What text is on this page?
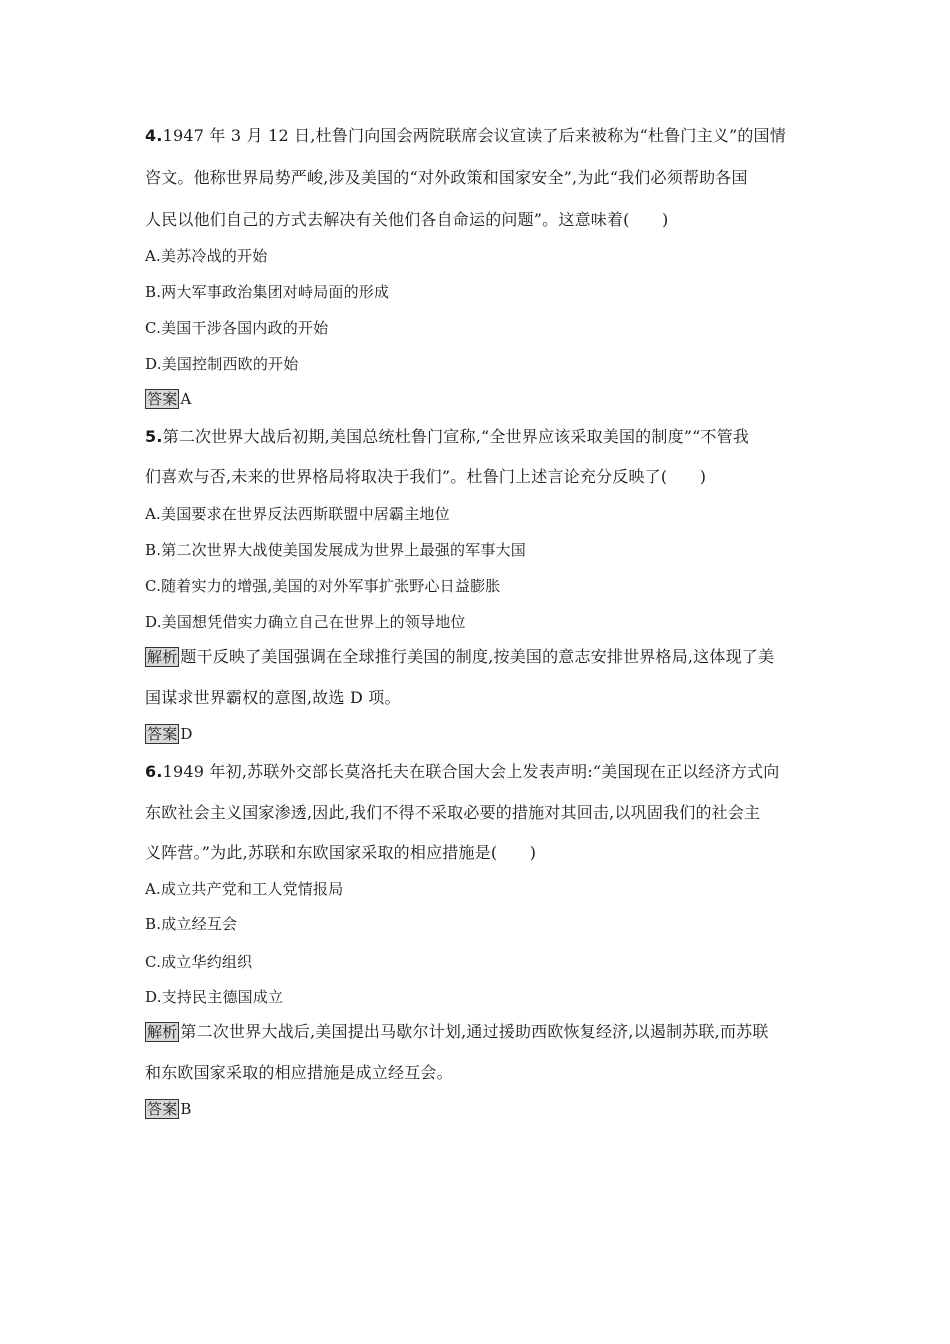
4.1947 年 3 月 12 日,杜鲁门向国会两院联席会议宣读了后来被称为“杜鲁门主义”的国情
咨文。他称世界局势严峻,涉及美国的“对外政策和国家安全”,为此“我们必须帮助各国
人民以他们自己的方式去解决有关他们各自命运的问题”。这意味着(　　)
A.美苏冷战的开始
B.两大军事政治集团对峙局面的形成
C.美国干涉各国内政的开始
D.美国控制西欧的开始
答案 A
5.第二次世界大战后初期,美国总统杜鲁门宣称,“全世界应该采取美国的制度”“不管我
们喜欢与否,未来的世界格局将取决于我们”。杜鲁门上述言论充分反映了(　　)
A.美国要求在世界反法西斯联盟中居霸主地位
B.第二次世界大战使美国发展成为世界上最强的军事大国
C.随着实力的增强,美国的对外军事扩张野心日益膨胀
D.美国想凭借实力确立自己在世界上的领导地位
解析 题干反映了美国强调在全球推行美国的制度,按美国的意志安排世界格局,这体现了美
国谋求世界霸权的意图,故选 D 项。
答案 D
6.1949 年初,苏联外交部长莫洛托夫在联合国大会上发表声明:“美国现在正以经济方式向
东欧社会主义国家渗透,因此,我们不得不采取必要的措施对其回击,以巩固我们的社会主
义阵营。”为此,苏联和东欧国家采取的相应措施是(　　)
A.成立共产党和工人党情报局
B.成立经互会
C.成立华约组织
D.支持民主德国成立
解析 第二次世界大战后,美国提出马歇尔计划,通过援助西欧恢复经济,以遏制苏联,而苏联
和东欧国家采取的相应措施是成立经互会。
答案 B
